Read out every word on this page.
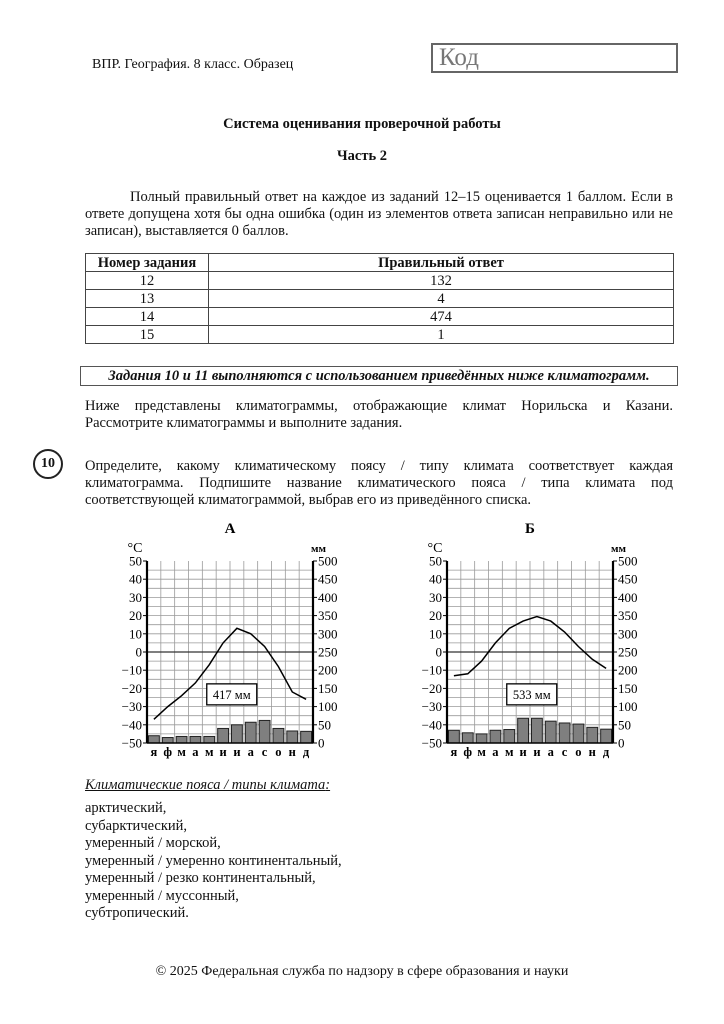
ВПР. География. 8 класс. Образец	Код
Система оценивания проверочной работы
Часть 2
Полный правильный ответ на каждое из заданий 12–15 оценивается 1 баллом. Если в ответе допущена хотя бы одна ошибка (один из элементов ответа записан неправильно или не записан), выставляется 0 баллов.
Номер задания	Правильный ответ
12	132
13	4
14	474
15	1
Задания 10 и 11 выполняются с использованием приведённых ниже климатограмм.
Ниже представлены климатограммы, отображающие климат Норильска и Казани. Рассмотрите климатограммы и выполните задания.
10	Определите, какому климатическому поясу / типу климата соответствует каждая климатограмма. Подпишите название климатического пояса / типа климата под соответствующей климатограммой, выбрав его из приведённого списка.
А
°C	мм
50
40
30
20
10
0
−10
−20
−30
−40
−50
500
450
400
350
300
250
200
150
100
50
0
я ф м а м и и а с о н д
417 мм
Б
°C	мм
50
40
30
20
10
0
−10
−20
−30
−40
−50
500
450
400
350
300
250
200
150
100
50
0
я ф м а м и и а с о н д
533 мм
Климатические пояса / типы климата:
арктический,
субарктический,
умеренный / морской,
умеренный / умеренно континентальный,
умеренный / резко континентальный,
умеренный / муссонный,
субтропический.
© 2025 Федеральная служба по надзору в сфере образования и науки
